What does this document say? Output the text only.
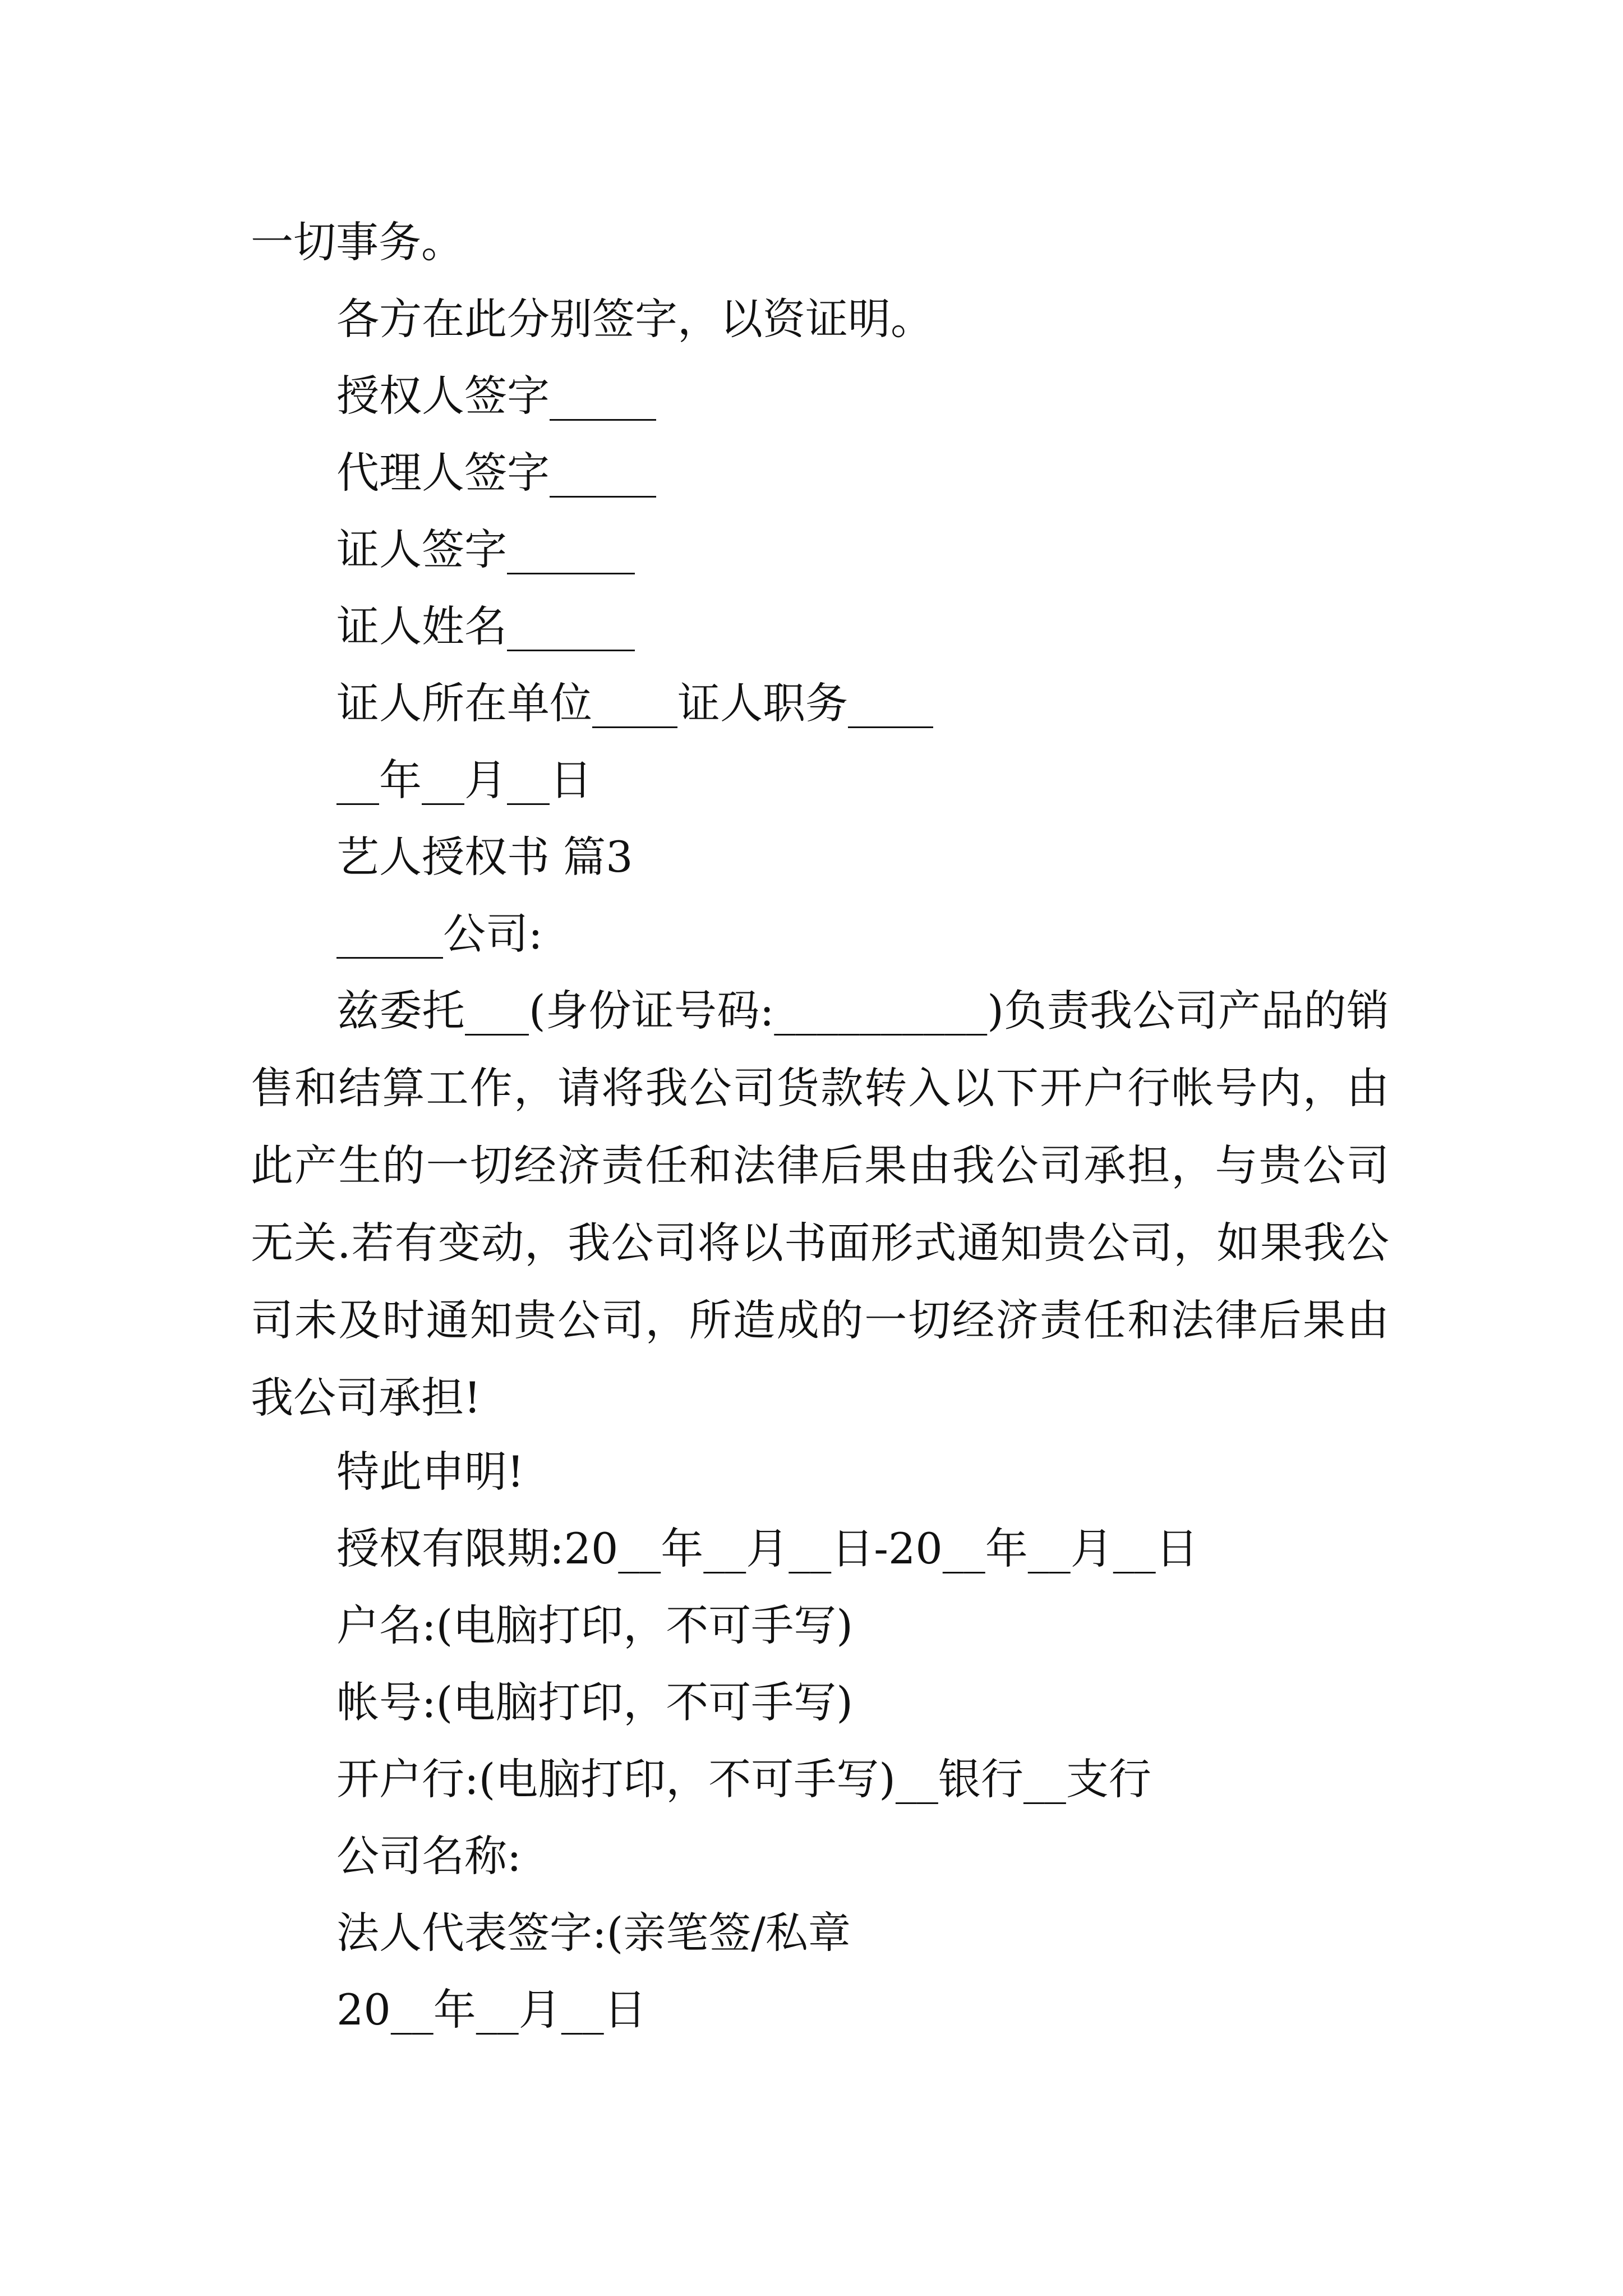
一切事务。
各方在此分别签字，以资证明。
授权人签字_____
代理人签字_____
证人签字______
证人姓名______
证人所在单位____证人职务____
__年__月__日
艺人授权书 篇3
_____公司:
兹委托___(身份证号码:__________)负责我公司产品的销售和结算工作，请将我公司货款转入以下开户行帐号内，由此产生的一切经济责任和法律后果由我公司承担，与贵公司无关.若有变动，我公司将以书面形式通知贵公司，如果我公司未及时通知贵公司，所造成的一切经济责任和法律后果由我公司承担!
特此申明!
授权有限期:20__年__月__日-20__年__月__日
户名:(电脑打印，不可手写)
帐号:(电脑打印，不可手写)
开户行:(电脑打印，不可手写)__银行__支行
公司名称:
法人代表签字:(亲笔签/私章
20__年__月__日
